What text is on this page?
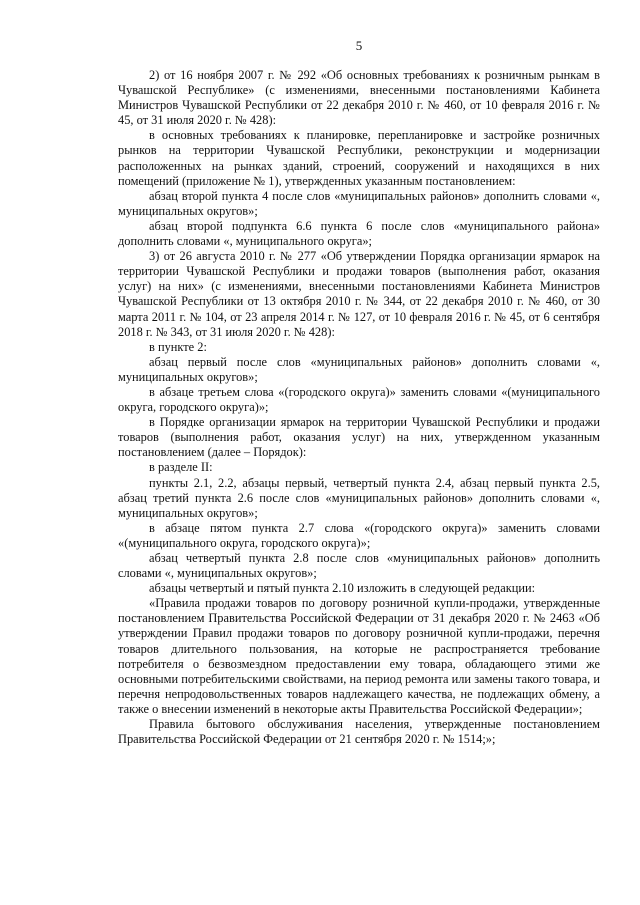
5

2) от 16 ноября 2007 г. № 292 «Об основных требованиях к розничным рынкам в Чувашской Республике» (с изменениями, внесенными постановлениями Кабинета Министров Чувашской Республики от 22 декабря 2010 г. № 460, от 10 февраля 2016 г. № 45, от 31 июля 2020 г. № 428):

в основных требованиях к планировке, перепланировке и застройке розничных рынков на территории Чувашской Республики, реконструкции и модернизации расположенных на рынках зданий, строений, сооружений и находящихся в них помещений (приложение № 1), утвержденных указанным постановлением:

абзац второй пункта 4 после слов «муниципальных районов» дополнить словами «, муниципальных округов»;

абзац второй подпункта 6.6 пункта 6 после слов «муниципального района» дополнить словами «, муниципального округа»;

3) от 26 августа 2010 г. № 277 «Об утверждении Порядка организации ярмарок на территории Чувашской Республики и продажи товаров (выполнения работ, оказания услуг) на них» (с изменениями, внесенными постановлениями Кабинета Министров Чувашской Республики от 13 октября 2010 г. № 344, от 22 декабря 2010 г. № 460, от 30 марта 2011 г. № 104, от 23 апреля 2014 г. № 127, от 10 февраля 2016 г. № 45, от 6 сентября 2018 г. № 343, от 31 июля 2020 г. № 428):

в пункте 2:

абзац первый после слов «муниципальных районов» дополнить словами «, муниципальных округов»;

в абзаце третьем слова «(городского округа)» заменить словами «(муниципального округа, городского округа)»;

в Порядке организации ярмарок на территории Чувашской Республики и продажи товаров (выполнения работ, оказания услуг) на них, утвержденном указанным постановлением (далее – Порядок):

в разделе II:

пункты 2.1, 2.2, абзацы первый, четвертый пункта 2.4, абзац первый пункта 2.5, абзац третий пункта 2.6 после слов «муниципальных районов» дополнить словами «, муниципальных округов»;

в абзаце пятом пункта 2.7 слова «(городского округа)» заменить словами «(муниципального округа, городского округа)»;

абзац четвертый пункта 2.8 после слов «муниципальных районов» дополнить словами «, муниципальных округов»;

абзацы четвертый и пятый пункта 2.10 изложить в следующей редакции:

«Правила продажи товаров по договору розничной купли-продажи, утвержденные постановлением Правительства Российской Федерации от 31 декабря 2020 г. № 2463 «Об утверждении Правил продажи товаров по договору розничной купли-продажи, перечня товаров длительного пользования, на которые не распространяется требование потребителя о безвозмездном предоставлении ему товара, обладающего этими же основными потребительскими свойствами, на период ремонта или замены такого товара, и перечня непродовольственных товаров надлежащего качества, не подлежащих обмену, а также о внесении изменений в некоторые акты Правительства Российской Федерации»;

Правила бытового обслуживания населения, утвержденные постановлением Правительства Российской Федерации от 21 сентября 2020 г. № 1514;»;
